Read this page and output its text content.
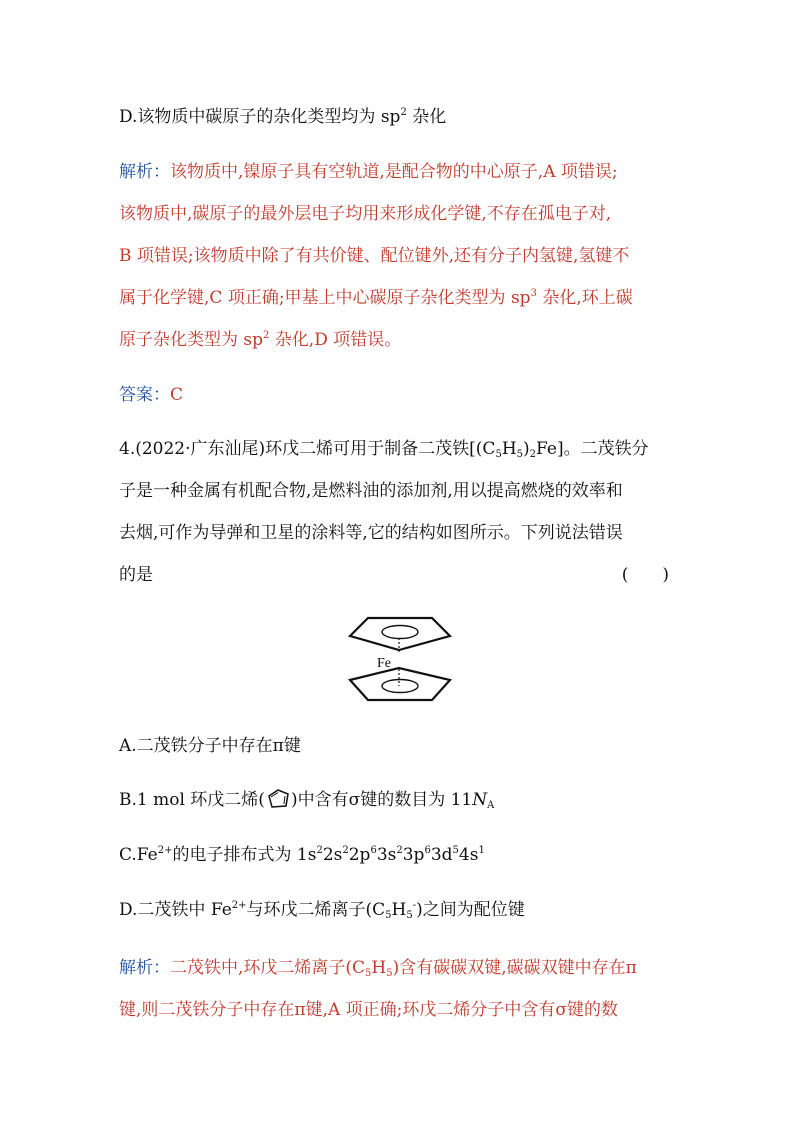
D.该物质中碳原子的杂化类型均为 $sp^2$ 杂化
解析：该物质中,镍原子具有空轨道,是配合物的中心原子,A 项错误;
该物质中,碳原子的最外层电子均用来形成化学键,不存在孤电子对,
B 项错误;该物质中除了有共价键、配位键外,还有分子内氢键,氢键不
属于化学键,C 项正确;甲基上中心碳原子杂化类型为 $sp^3$ 杂化,环上碳
原子杂化类型为 $sp^2$ 杂化,D 项错误。
答案：C
4.(2022·广东汕尾)环戊二烯可用于制备二茂铁$[(C_5H_5)_2Fe]$。二茂铁分
子是一种金属有机配合物,是燃料油的添加剂,用以提高燃烧的效率和
去烟,可作为导弹和卫星的涂料等,它的结构如图所示。下列说法错误
的是	(　　)
Fe
A.二茂铁分子中存在π键
B.1 mol 环戊二烯( )中含有σ键的数目为 $11N_A$
$C.Fe^{2+}$的电子排布式为 $1s^22s^22p^63s^23p^63d^54s^1$
D.二茂铁中 $Fe^{2+}$与环戊二烯离子$(C_5H_5^-)$之间为配位键
解析：二茂铁中,环戊二烯离子$(C_5H_5)$含有碳碳双键,碳碳双键中存在π
键,则二茂铁分子中存在π键,A 项正确;环戊二烯分子中含有σ键的数
